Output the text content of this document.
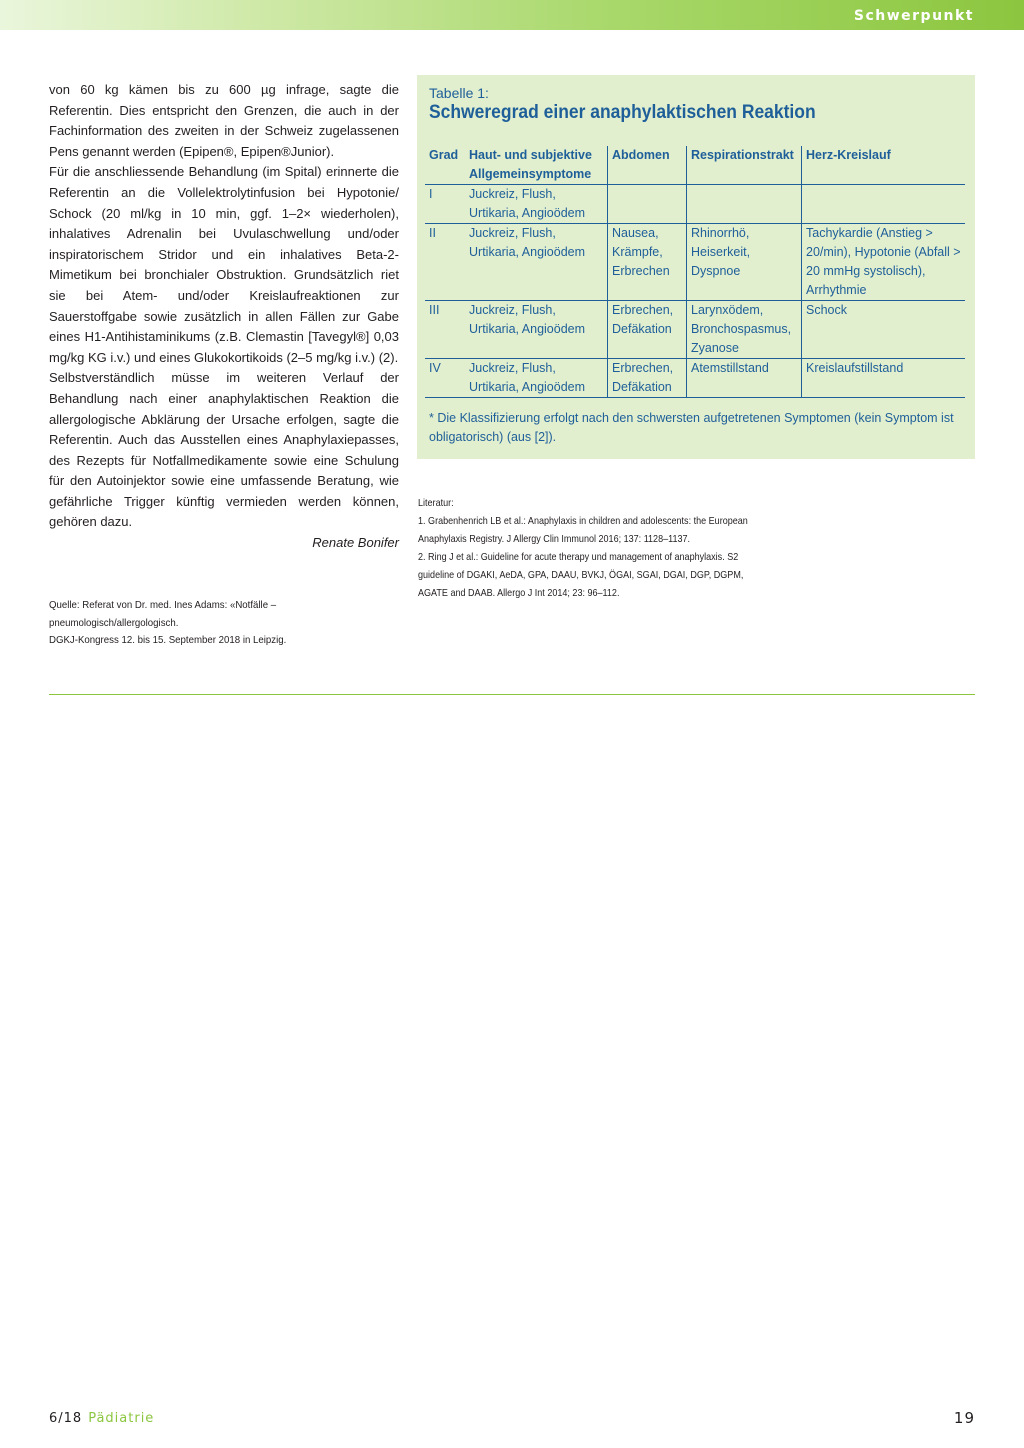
Schwerpunkt

von 60 kg kämen bis zu 600 µg infrage, sagte die Referentin. Dies entspricht den Grenzen, die auch in der Fachinformation des zweiten in der Schweiz zugelassenen Pens genannt werden (Epipen®, Epipen®Junior).

Für die anschliessende Behandlung (im Spital) erinnerte die Referentin an die Vollelektrolytinfusion bei Hypotonie/ Schock (20 ml/kg in 10 min, ggf. 1–2× wiederholen), inhalatives Adrenalin bei Uvulaschwellung und/oder inspiratorischem Stridor und ein inhalatives Beta-2-Mimetikum bei bronchialer Obstruktion. Grundsätzlich riet sie bei Atem- und/oder Kreislaufreaktionen zur Sauerstoffgabe sowie zusätzlich in allen Fällen zur Gabe eines H1-Antihistaminikums (z.B. Clemastin [Tavegyl®] 0,03 mg/kg KG i.v.) und eines Glukokortikoids (2–5 mg/kg i.v.) (2).

Selbstverständlich müsse im weiteren Verlauf der Behandlung nach einer anaphylaktischen Reaktion die allergologische Abklärung der Ursache erfolgen, sagte die Referentin. Auch das Ausstellen eines Anaphylaxiepasses, des Rezepts für Notfallmedikamente sowie eine Schulung für den Autoinjektor sowie eine umfassende Beratung, wie gefährliche Trigger künftig vermieden werden können, gehören dazu.

Renate Bonifer

Quelle: Referat von Dr. med. Ines Adams: «Notfälle – pneumologisch/allergologisch.
DGKJ-Kongress 12. bis 15. September 2018 in Leipzig.
Tabelle 1:
Schweregrad einer anaphylaktischen Reaktion
Grad	Haut- und subjektive Allgemeinsymptome	Abdomen	Respirationstrakt	Herz-Kreislauf
I	Juckreiz, Flush, Urtikaria, Angioödem			
II	Juckreiz, Flush, Urtikaria, Angioödem	Nausea, Krämpfe, Erbrechen	Rhinorrhö, Heiserkeit, Dyspnoe	Tachykardie (Anstieg > 20/min), Hypotonie (Abfall > 20 mmHg systolisch), Arrhythmie
III	Juckreiz, Flush, Urtikaria, Angioödem	Erbrechen, Defäkation	Larynxödem, Bronchospasmus, Zyanose	Schock
IV	Juckreiz, Flush, Urtikaria, Angioödem	Erbrechen, Defäkation	Atemstillstand	Kreislaufstillstand
* Die Klassifizierung erfolgt nach den schwersten aufgetretenen Symptomen (kein Symptom ist obligatorisch) (aus [2]).

Literatur:

1. Grabenhenrich LB et al.: Anaphylaxis in children and adolescents: the European Anaphylaxis Registry. J Allergy Clin Immunol 2016; 137: 1128–1137.

2. Ring J et al.: Guideline for acute therapy und management of anaphylaxis. S2 guideline of DGAKI, AeDA, GPA, DAAU, BVKJ, ÖGAI, SGAI, DGAI, DGP, DGPM, AGATE and DAAB. Allergo J Int 2014; 23: 96–112.

6/18 Pädiatrie	19
